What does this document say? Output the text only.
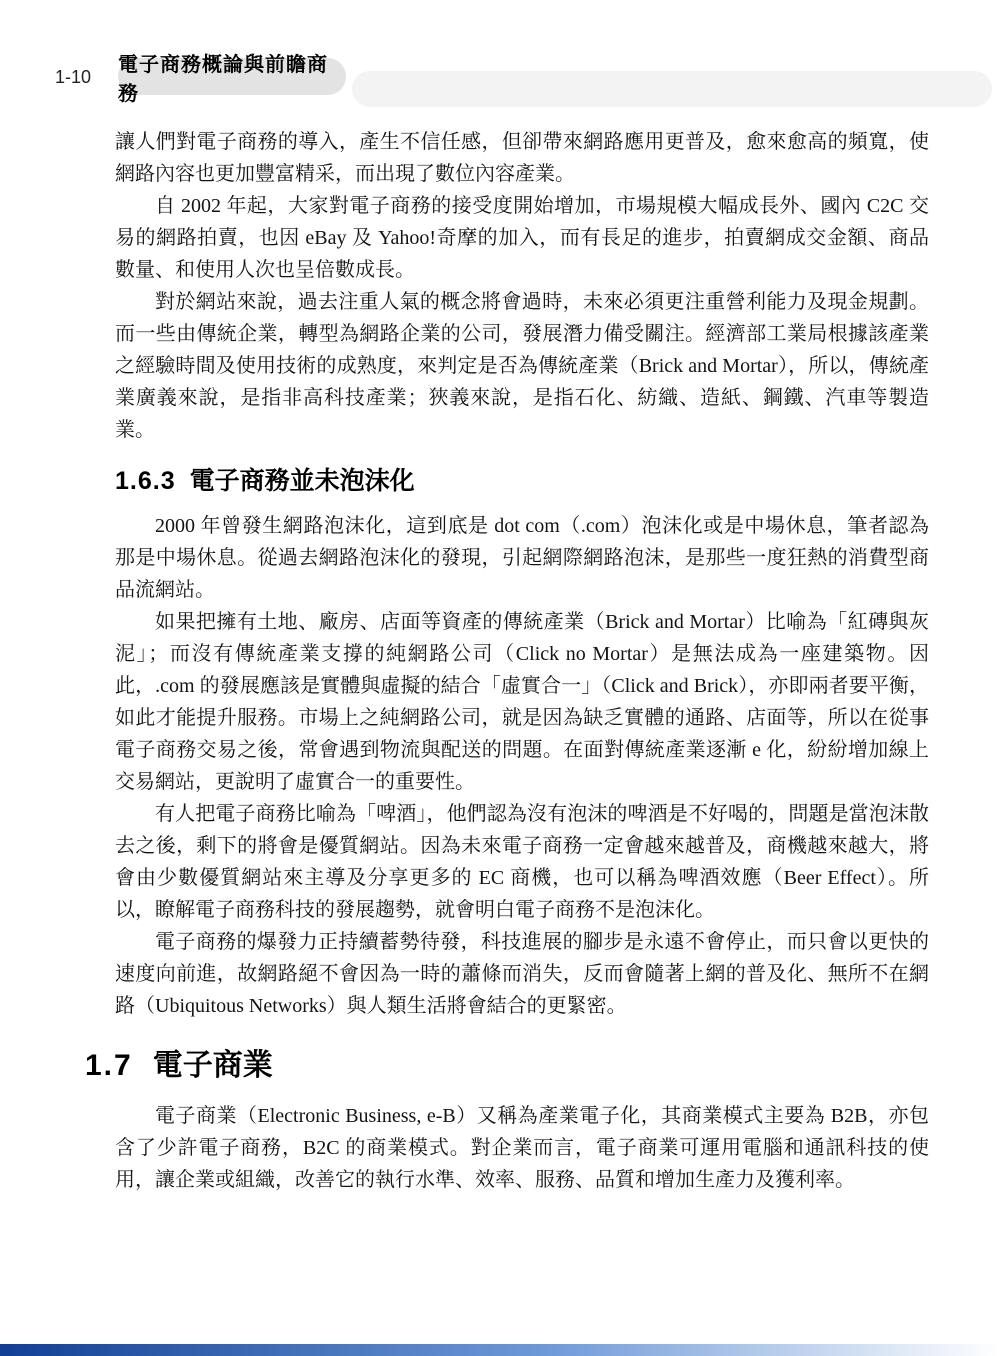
1-10
電子商務概論與前瞻商務

讓人們對電子商務的導入，產生不信任感，但卻帶來網路應用更普及，愈來愈高的頻寬，使網路內容也更加豐富精采，而出現了數位內容產業。

自 2002 年起，大家對電子商務的接受度開始增加，市場規模大幅成長外、國內 C2C 交易的網路拍賣，也因 eBay 及 Yahoo!奇摩的加入，而有長足的進步，拍賣網成交金額、商品數量、和使用人次也呈倍數成長。

對於網站來說，過去注重人氣的概念將會過時，未來必須更注重營利能力及現金規劃。而一些由傳統企業，轉型為網路企業的公司，發展潛力備受關注。經濟部工業局根據該產業之經驗時間及使用技術的成熟度，來判定是否為傳統產業（Brick and Mortar），所以，傳統產業廣義來說，是指非高科技產業；狹義來說，是指石化、紡織、造紙、鋼鐵、汽車等製造業。

1.6.3 電子商務並未泡沫化

2000 年曾發生網路泡沫化，這到底是 dot com（.com）泡沫化或是中場休息，筆者認為那是中場休息。從過去網路泡沫化的發現，引起網際網路泡沫，是那些一度狂熱的消費型商品流網站。

如果把擁有土地、廠房、店面等資產的傳統產業（Brick and Mortar）比喻為「紅磚與灰泥」；而沒有傳統產業支撐的純網路公司（Click no Mortar）是無法成為一座建築物。因此，.com 的發展應該是實體與虛擬的結合「虛實合一」（Click and Brick），亦即兩者要平衡，如此才能提升服務。市場上之純網路公司，就是因為缺乏實體的通路、店面等，所以在從事電子商務交易之後，常會遇到物流與配送的問題。在面對傳統產業逐漸 e 化，紛紛增加線上交易網站，更說明了虛實合一的重要性。

有人把電子商務比喻為「啤酒」，他們認為沒有泡沫的啤酒是不好喝的，問題是當泡沫散去之後，剩下的將會是優質網站。因為未來電子商務一定會越來越普及，商機越來越大，將會由少數優質網站來主導及分享更多的 EC 商機，也可以稱為啤酒效應（Beer Effect）。所以，瞭解電子商務科技的發展趨勢，就會明白電子商務不是泡沫化。

電子商務的爆發力正持續蓄勢待發，科技進展的腳步是永遠不會停止，而只會以更快的速度向前進，故網路絕不會因為一時的蕭條而消失，反而會隨著上網的普及化、無所不在網路（Ubiquitous Networks）與人類生活將會結合的更緊密。

1.7 電子商業

電子商業（Electronic Business, e-B）又稱為產業電子化，其商業模式主要為 B2B，亦包含了少許電子商務，B2C 的商業模式。對企業而言，電子商業可運用電腦和通訊科技的使用，讓企業或組織，改善它的執行水準、效率、服務、品質和增加生產力及獲利率。
